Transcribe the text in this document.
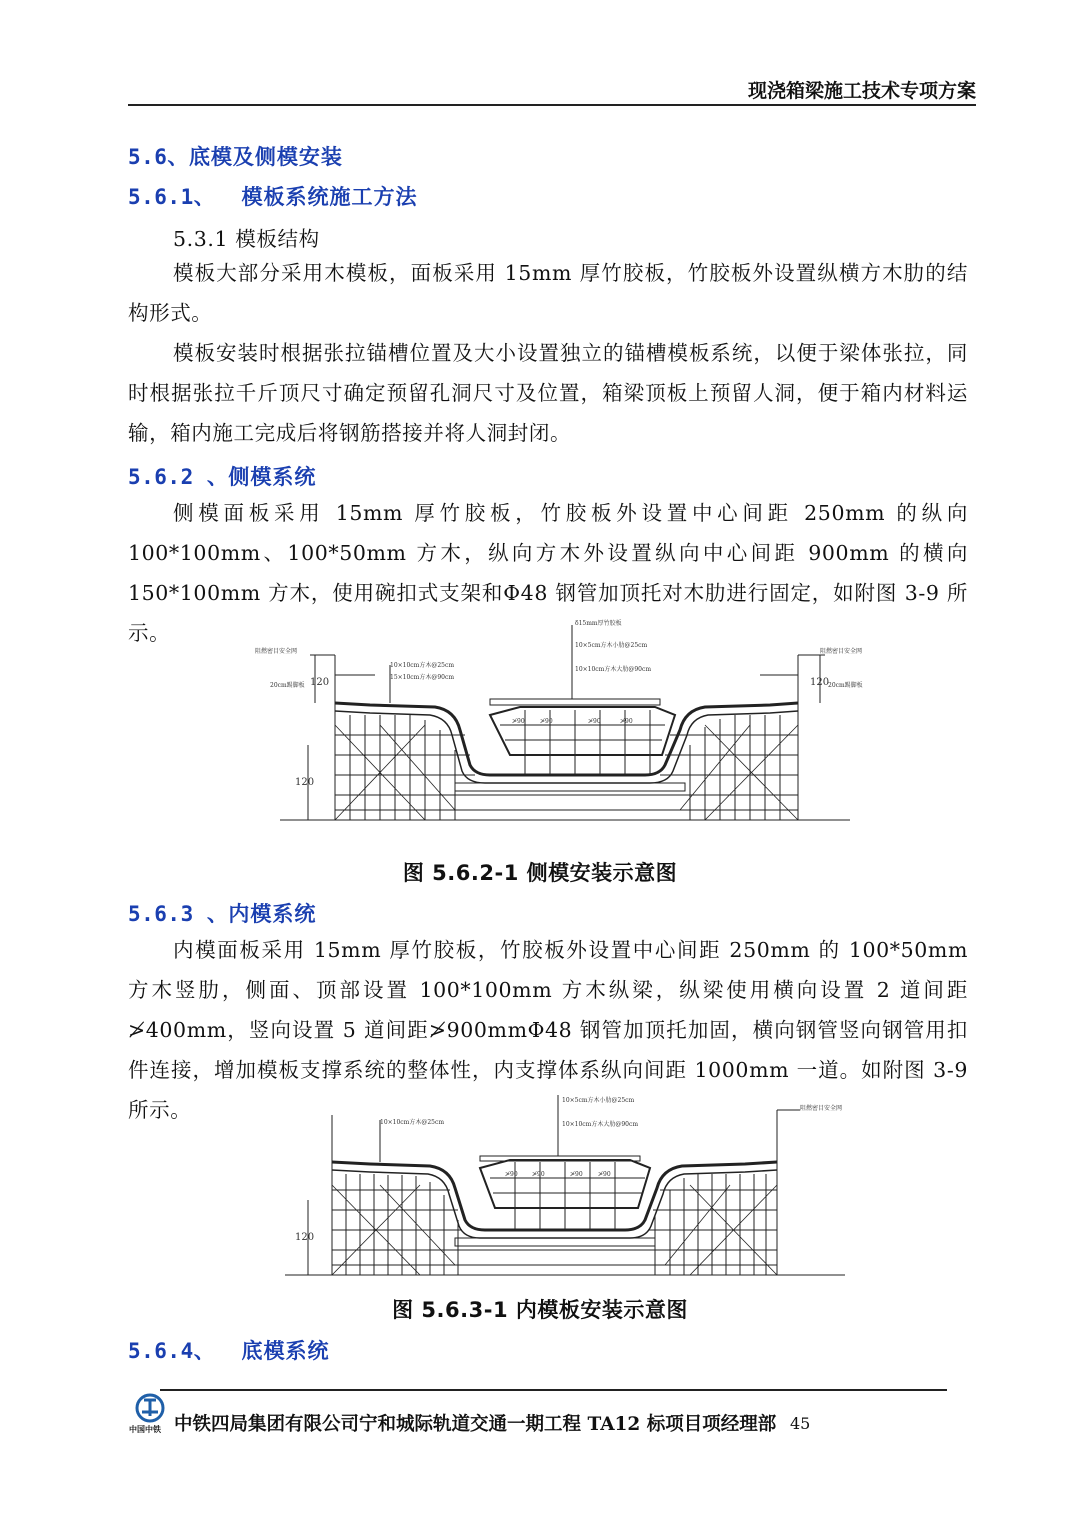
现浇箱梁施工技术专项方案
5.6、底模及侧模安装
5.6.1、 模板系统施工方法
5.3.1 模板结构

模板大部分采用木模板，面板采用 15mm 厚竹胶板，竹胶板外设置纵横方木肋的结构形式。

模板安装时根据张拉锚槽位置及大小设置独立的锚槽模板系统，以便于梁体张拉，同时根据张拉千斤顶尺寸确定预留孔洞尺寸及位置，箱梁顶板上预留人洞，便于箱内材料运输，箱内施工完成后将钢筋搭接并将人洞封闭。

5.6.2 、侧模系统

侧模面板采用 15mm 厚竹胶板，竹胶板外设置中心间距 250mm 的纵向 100*100mm、100*50mm 方木，纵向方木外设置纵向中心间距 900mm 的横向 150*100mm 方木，使用碗扣式支架和Φ48 钢管加顶托对木肋进行固定，如附图 3-9 所示。	δ15mm厚竹胶板
10×5cm方木小肋@25cm
10×10cm方木大肋@90cm
10×10cm方木@25cm
15×10cm方木@90cm
阻燃密目安全网	阻燃密目安全网
20cm踢脚板	20cm踢脚板
120	120
120
≯90	≯90	≯90	≯90
图 5.6.2-1 侧模安装示意图
5.6.3 、内模系统

内模面板采用 15mm 厚竹胶板，竹胶板外设置中心间距 250mm 的 100*50mm 方木竖肋，侧面、顶部设置 100*100mm 方木纵梁，纵梁使用横向设置 2 道间距≯400mm，竖向设置 5 道间距≯900mmΦ48 钢管加顶托加固，横向钢管竖向钢管用扣件连接，增加模板支撑系统的整体性，内支撑体系纵向间距 1000mm 一道。如附图 3-9 所示。	10×5cm方木小肋@25cm
10×10cm方木大肋@90cm
10×10cm方木@25cm
阻燃密目安全网
120
≯90 ≯90	≯90	≯90
图 5.6.3-1 内模板安装示意图
5.6.4、 底模系统
中国中铁 中铁四局集团有限公司宁和城际轨道交通一期工程 TA12 标项目项经理部 45
